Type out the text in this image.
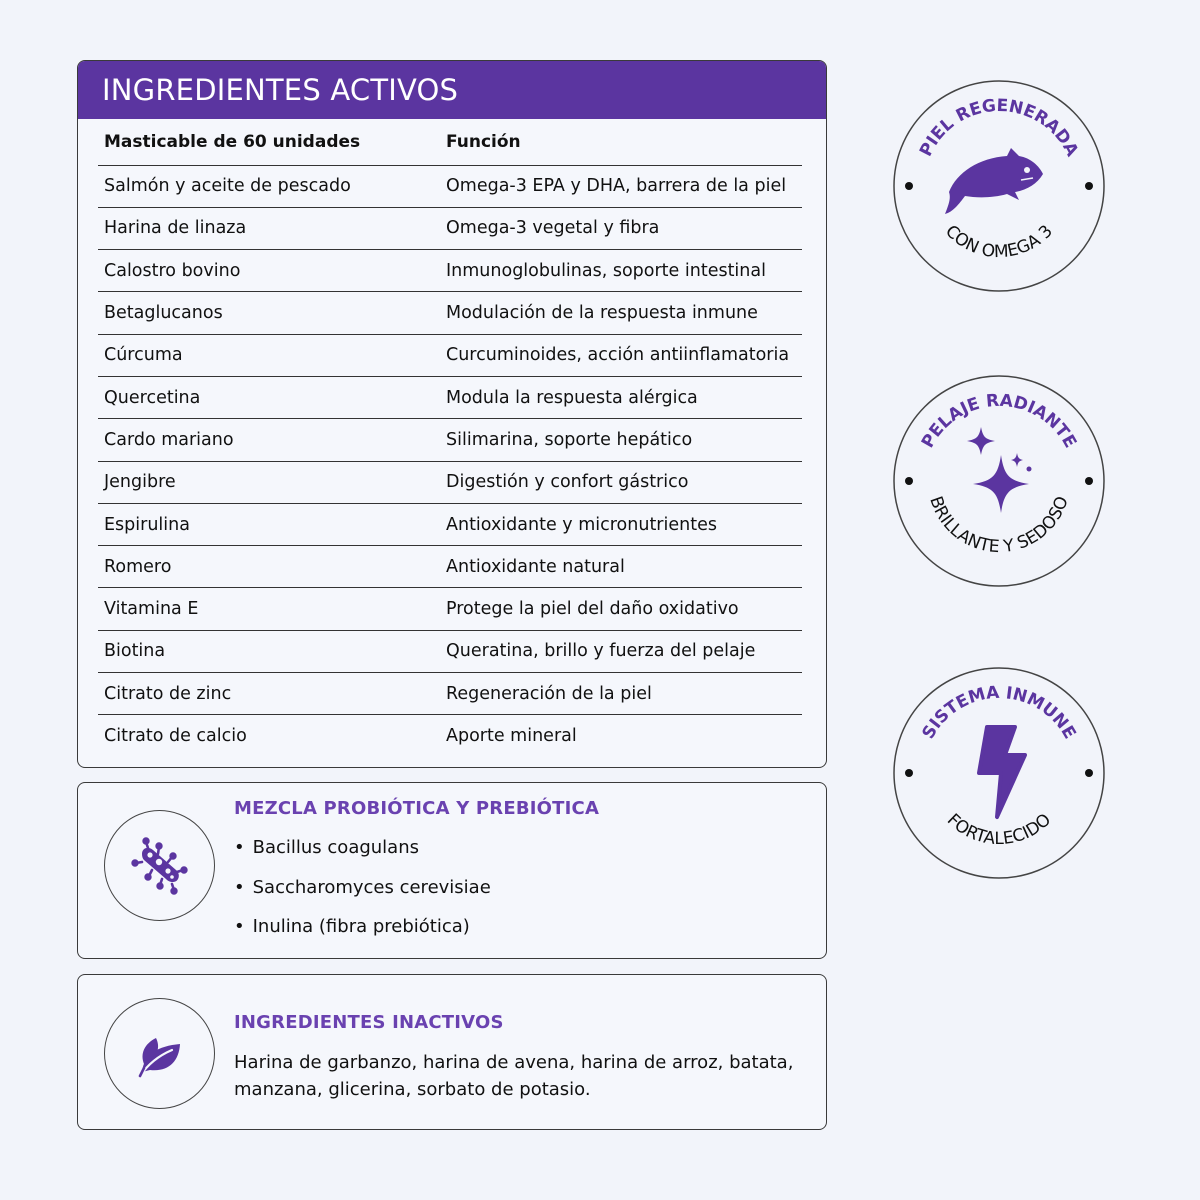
INGREDIENTES ACTIVOS
Masticable de 60 unidades	Función
Salmón y aceite de pescado	Omega-3 EPA y DHA, barrera de la piel
Harina de linaza	Omega-3 vegetal y fibra
Calostro bovino	Inmunoglobulinas, soporte intestinal
Betaglucanos	Modulación de la respuesta inmune
Cúrcuma	Curcuminoides, acción antiinflamatoria
Quercetina	Modula la respuesta alérgica
Cardo mariano	Silimarina, soporte hepático
Jengibre	Digestión y confort gástrico
Espirulina	Antioxidante y micronutrientes
Romero	Antioxidante natural
Vitamina E	Protege la piel del daño oxidativo
Biotina	Queratina, brillo y fuerza del pelaje
Citrato de zinc	Regeneración de la piel
Citrato de calcio	Aporte mineral
MEZCLA PROBIÓTICA Y PREBIÓTICA
• Bacillus coagulans
• Saccharomyces cerevisiae
• Inulina (fibra prebiótica)
INGREDIENTES INACTIVOS
Harina de garbanzo, harina de avena, harina de arroz, batata, manzana, glicerina, sorbato de potasio.
PIEL REGENERADA
CON OMEGA 3
PELAJE RADIANTE
BRILLANTE Y SEDOSO
SISTEMA INMUNE
FORTALECIDO
